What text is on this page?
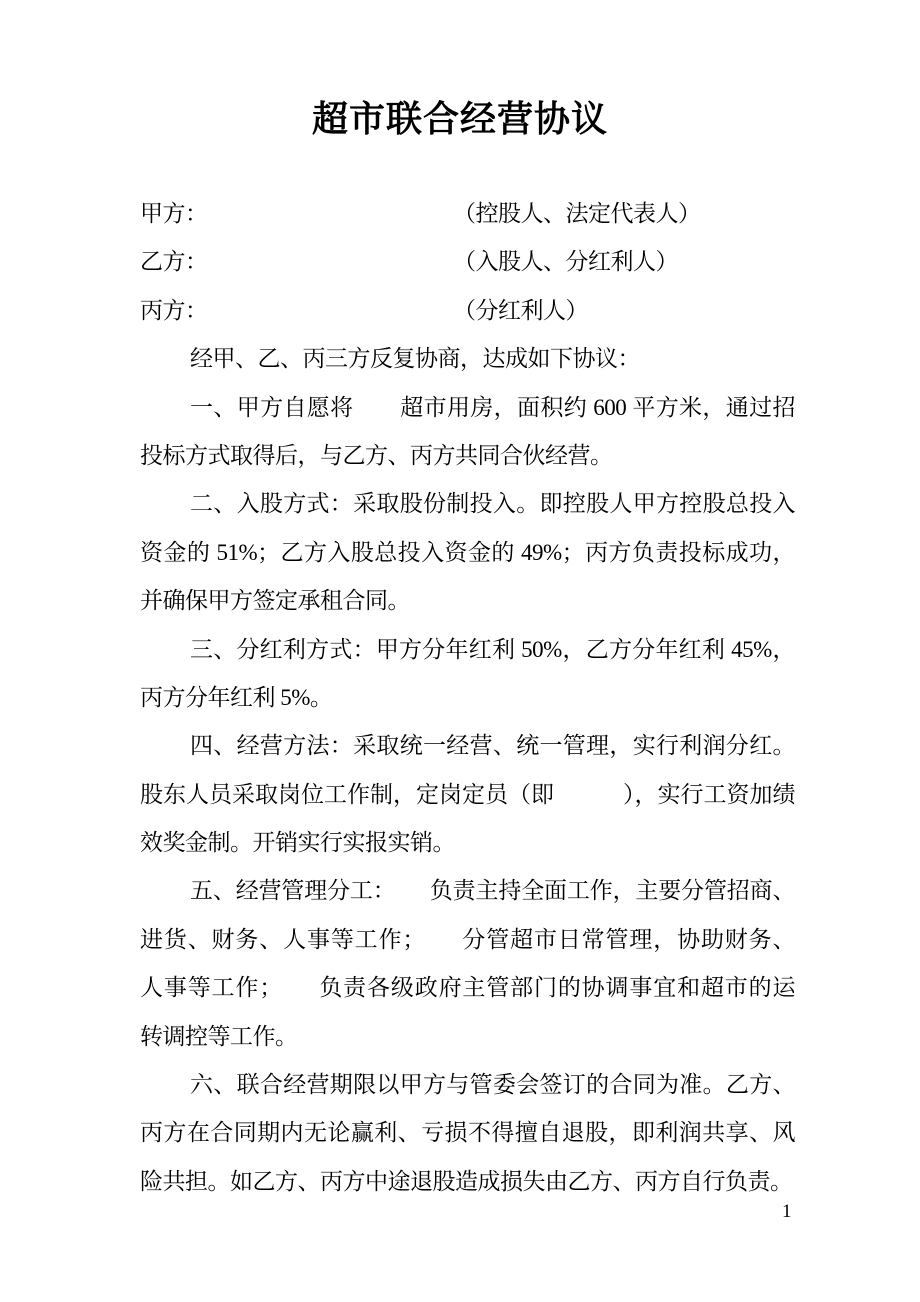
超市联合经营协议
甲方：	（控股人、法定代表人）
乙方：	（入股人、分红利人）
丙方：	（分红利人）
经甲、乙、丙三方反复协商，达成如下协议：
一、甲方自愿将　　超市用房，面积约 600 平方米，通过招
投标方式取得后，与乙方、丙方共同合伙经营。
二、入股方式：采取股份制投入。即控股人甲方控股总投入
资金的 51%；乙方入股总投入资金的 49%；丙方负责投标成功，
并确保甲方签定承租合同。
三、分红利方式：甲方分年红利 50%，乙方分年红利 45%，
丙方分年红利 5%。
四、经营方法：采取统一经营、统一管理，实行利润分红。
股东人员采取岗位工作制，定岗定员（即　　　），实行工资加绩
效奖金制。开销实行实报实销。
五、经营管理分工：　　负责主持全面工作，主要分管招商、
进货、财务、人事等工作；　　分管超市日常管理，协助财务、
人事等工作；　　负责各级政府主管部门的协调事宜和超市的运
转调控等工作。
六、联合经营期限以甲方与管委会签订的合同为准。乙方、
丙方在合同期内无论赢利、亏损不得擅自退股，即利润共享、风
险共担。如乙方、丙方中途退股造成损失由乙方、丙方自行负责。
1
